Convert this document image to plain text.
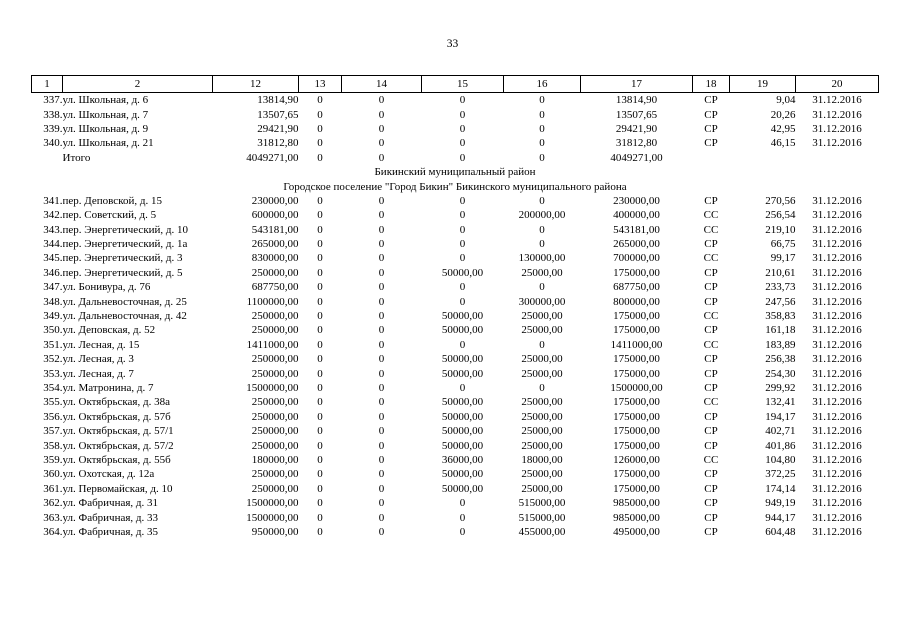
33
1	2	12	13	14	15	16	17	18	19	20
337.	ул. Школьная, д. 6	13814,90	0	0	0	0	13814,90	СР	9,04	31.12.2016
338.	ул. Школьная, д. 7	13507,65	0	0	0	0	13507,65	СР	20,26	31.12.2016
339.	ул. Школьная, д. 9	29421,90	0	0	0	0	29421,90	СР	42,95	31.12.2016
340.	ул. Школьная, д. 21	31812,80	0	0	0	0	31812,80	СР	46,15	31.12.2016
	Итого	4049271,00	0	0	0	0	4049271,00			
Бикинский муниципальный район										
Городское поселение "Город Бикин" Бикинского муниципального района										
341.	пер. Деповской, д. 15	230000,00	0	0	0	0	230000,00	СР	270,56	31.12.2016
342.	пер. Советский, д. 5	600000,00	0	0	0	200000,00	400000,00	СС	256,54	31.12.2016
343.	пер. Энергетический, д. 10	543181,00	0	0	0	0	543181,00	СС	219,10	31.12.2016
344.	пер. Энергетический, д. 1а	265000,00	0	0	0	0	265000,00	СР	66,75	31.12.2016
345.	пер. Энергетический, д. 3	830000,00	0	0	0	130000,00	700000,00	СС	99,17	31.12.2016
346.	пер. Энергетический, д. 5	250000,00	0	0	50000,00	25000,00	175000,00	СР	210,61	31.12.2016
347.	ул. Бонивура, д. 76	687750,00	0	0	0	0	687750,00	СР	233,73	31.12.2016
348.	ул. Дальневосточная, д. 25	1100000,00	0	0	0	300000,00	800000,00	СР	247,56	31.12.2016
349.	ул. Дальневосточная, д. 42	250000,00	0	0	50000,00	25000,00	175000,00	СС	358,83	31.12.2016
350.	ул. Деповская, д. 52	250000,00	0	0	50000,00	25000,00	175000,00	СР	161,18	31.12.2016
351.	ул. Лесная, д. 15	1411000,00	0	0	0	0	1411000,00	СС	183,89	31.12.2016
352.	ул. Лесная, д. 3	250000,00	0	0	50000,00	25000,00	175000,00	СР	256,38	31.12.2016
353.	ул. Лесная, д. 7	250000,00	0	0	50000,00	25000,00	175000,00	СР	254,30	31.12.2016
354.	ул. Матронина, д. 7	1500000,00	0	0	0	0	1500000,00	СР	299,92	31.12.2016
355.	ул. Октябрьская, д. 38а	250000,00	0	0	50000,00	25000,00	175000,00	СС	132,41	31.12.2016
356.	ул. Октябрьская, д. 57б	250000,00	0	0	50000,00	25000,00	175000,00	СР	194,17	31.12.2016
357.	ул. Октябрьская, д. 57/1	250000,00	0	0	50000,00	25000,00	175000,00	СР	402,71	31.12.2016
358.	ул. Октябрьская, д. 57/2	250000,00	0	0	50000,00	25000,00	175000,00	СР	401,86	31.12.2016
359.	ул. Октябрьская, д. 55б	180000,00	0	0	36000,00	18000,00	126000,00	СС	104,80	31.12.2016
360.	ул. Охотская, д. 12а	250000,00	0	0	50000,00	25000,00	175000,00	СР	372,25	31.12.2016
361.	ул. Первомайская, д. 10	250000,00	0	0	50000,00	25000,00	175000,00	СР	174,14	31.12.2016
362.	ул. Фабричная, д. 31	1500000,00	0	0	0	515000,00	985000,00	СР	949,19	31.12.2016
363.	ул. Фабричная, д. 33	1500000,00	0	0	0	515000,00	985000,00	СР	944,17	31.12.2016
364.	ул. Фабричная, д. 35	950000,00	0	0	0	455000,00	495000,00	СР	604,48	31.12.2016
